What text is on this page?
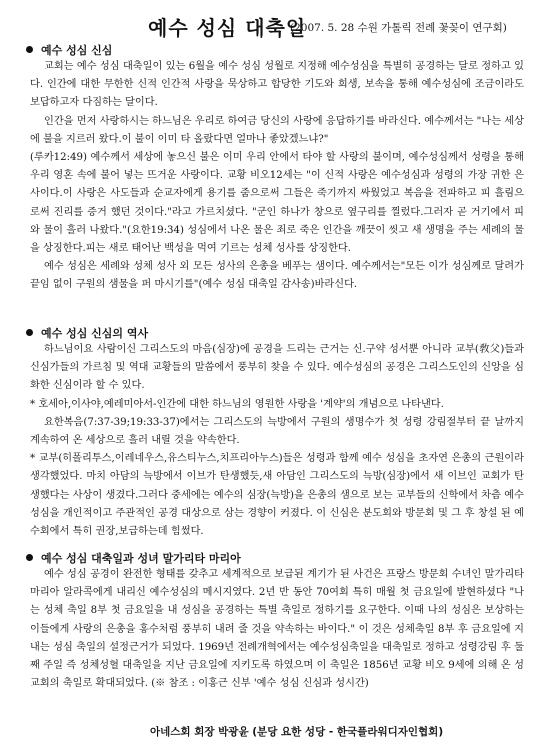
예수 성심 대축일
(2007. 5. 28 수원 가톨릭 전례 꽃꽂이 연구회)
예수 성심 신심

교회는 예수 성심 대축일이 있는 6월을 예수 성심 성월로 지정해 예수성심을 특별히 공경하는 달로 정하고 있다. 인간에 대한 무한한 신적 인간적 사랑을 묵상하고 합당한 기도와 희생, 보속을 통해 예수성심에 조금이라도 보답하고자 다짐하는 달이다.

인간을 먼저 사랑하시는 하느님은 우리로 하여금 당신의 사랑에 응답하기를 바라신다. 예수께서는 "나는 세상에 불을 지르러 왔다.이 불이 이미 타 올랐다면 얼마나 좋았겠느냐?"

(루카12:49) 예수께서 세상에 놓으신 불은 이미 우리 안에서 타야 할 사랑의 불이며, 예수성심께서 성령을 통해 우리 영혼 속에 불어 넣는 뜨거운 사랑이다. 교황 비오12세는 "이 신적 사랑은 예수성심과 성령의 가장 귀한 은사이다.이 사랑은 사도들과 순교자에게 용기를 줌으로써 그들은 죽기까지 싸웠었고 복음을 전파하고 피 흘림으로써 진리를 증거 했던 것이다."라고 가르치셨다. "군인 하나가 창으로 옆구리를 찔렀다.그러자 곧 거기에서 피와 물이 흘러 나왔다."(요한19:34) 성심에서 나온 물은 죄로 죽은 인간을 깨끗이 씻고 새 생명을 주는 세례의 물을 상징한다.피는 새로 태어난 백성을 먹여 기르는 성체 성사를 상징한다.

예수 성심은 세례와 성체 성사 외 모든 성사의 은총을 베푸는 샘이다. 예수께서는"모든 이가 성심께로 달려가 끝임 없이 구원의 샘물을 퍼 마시기를"(예수 성심 대축일 감사송)바라신다.

예수 성심 신심의 역사

하느님이요 사람이신 그리스도의 마음(심장)에 공경을 드리는 근거는 신.구약 성서뿐 아니라 교부(敎父)들과 신심가들의 가르침 및 역대 교황들의 말씀에서 풍부히 찾을 수 있다. 예수성심의 공경은 그리스도인의 신앙을 심화한 신심이라 할 수 있다.

* 호세아,이사야,예레미아서-인간에 대한 하느님의 영원한 사랑을 '계약'의 개념으로 나타낸다.

요한복음(7:37-39;19:33-37)에서는 그리스도의 늑방에서 구원의 생명수가 첫 성령 강림절부터 끝 날까지 계속하여 온 세상으로 흘러 내릴 것을 약속한다.

* 교부(히폴리투스,이레네우스,유스티누스,치프리아누스)들은 성령과 함께 예수 성심을 초자연 은총의 근원이라 생각했었다. 마치 아담의 늑방에서 이브가 탄생했듯,새 아담인 그리스도의 늑방(심장)에서 새 이브인 교회가 탄생했다는 사상이 생겼다.그러다 중세에는 예수의 심장(늑방)을 은총의 샘으로 보는 교부들의 신학에서 차츰 예수 성심을 개인적이고 주관적인 공경 대상으로 삼는 경향이 커졌다. 이 신심은 분도회와 방문회 및 그 후 창설 된 예수회에서 특히 권장,보급하는데 힘썼다.

예수 성심 대축일과 성녀 말가리타 마리아

예수 성심 공경이 완전한 형태를 갖추고 세계적으로 보급된 계기가 된 사건은 프랑스 방문회 수녀인 말가리타 마리아 알라콕에게 내리신 예수성심의 메시지였다. 2년 반 동안 70여회 특히 매월 첫 금요일에 발현하셨다 "나는 성체 축일 8부 첫 금요일을 내 성심을 공경하는 특별 축일로 정하기를 요구한다. 이때 나의 성심은 보상하는 이들에게 사랑의 은총을 홍수처럼 풍부히 내려 줄 것을 약속하는 바이다." 이 것은 성체축일 8부 후 금요일에 지내는 성심 축일의 설정근거가 되었다. 1969년 전례개혁에서는 예수성심축일을 대축일로 정하고 성령강림 후 둘째 주일 즉 성체성혈 대축일을 지난 금요일에 지키도록 하였으며 이 축일은 1856년 교황 비오 9세에 의해 온 성교회의 축일로 확대되었다. (※ 참조 : 이홍근 신부 '예수 성심 신심과 성시간)

아네스회 회장 박광윤 (분당 요한 성당 - 한국플라워디자인협회)
